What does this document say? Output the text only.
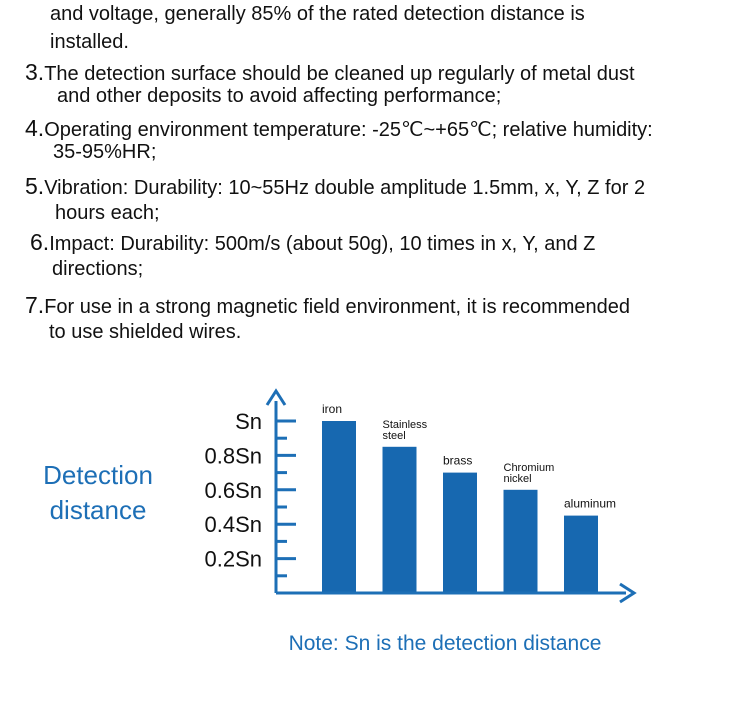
and voltage, generally 85% of the rated detection distance is

installed.

3.The detection surface should be cleaned up regularly of metal dust

and other deposits to avoid affecting performance;

4.Operating environment temperature: -25℃~+65℃; relative humidity:

35-95%HR;

5.Vibration: Durability: 10~55Hz double amplitude 1.5mm, x, Y, Z for 2

hours each;

6.Impact: Durability: 500m/s (about 50g), 10 times in x, Y, and Z

directions;

7.For use in a strong magnetic field environment, it is recommended

to use shielded wires.

Detection
distance
0.2Sn
0.4Sn
0.6Sn
0.8Sn
Sn	iron
Stainless
steel
brass
Chromium
nickel
aluminum
Note: Sn is the detection distance
